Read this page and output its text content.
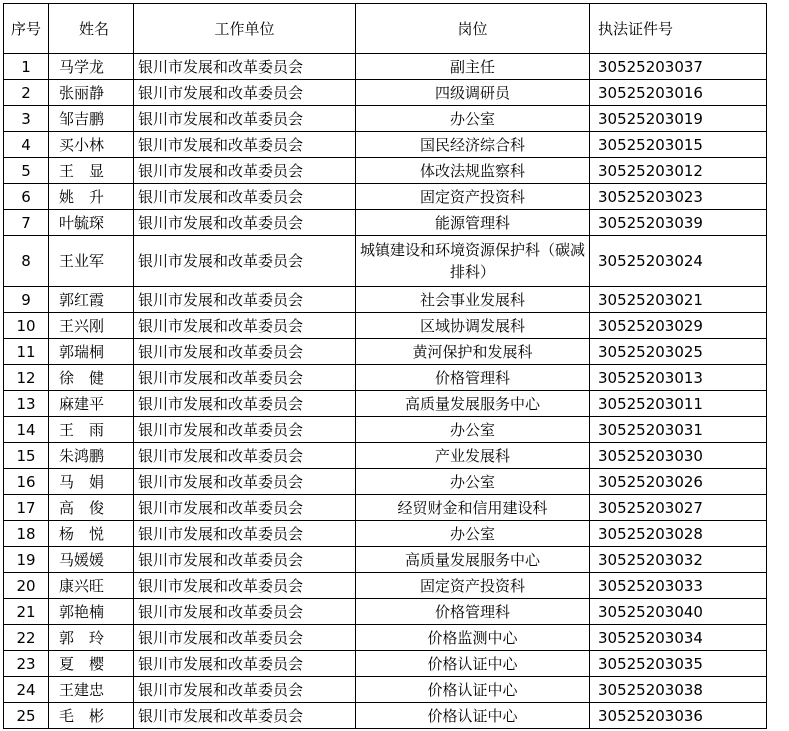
序号	姓名	工作单位	岗位	执法证件号
1	马学龙	银川市发展和改革委员会	副主任	30525203037
2	张丽静	银川市发展和改革委员会	四级调研员	30525203016
3	邹吉鹏	银川市发展和改革委员会	办公室	30525203019
4	买小林	银川市发展和改革委员会	国民经济综合科	30525203015
5	王　显	银川市发展和改革委员会	体改法规监察科	30525203012
6	姚　升	银川市发展和改革委员会	固定资产投资科	30525203023
7	叶毓琛	银川市发展和改革委员会	能源管理科	30525203039
8	王业军	银川市发展和改革委员会	城镇建设和环境资源保护科（碳减排科）	30525203024
9	郭红霞	银川市发展和改革委员会	社会事业发展科	30525203021
10	王兴刚	银川市发展和改革委员会	区域协调发展科	30525203029
11	郭瑞桐	银川市发展和改革委员会	黄河保护和发展科	30525203025
12	徐　健	银川市发展和改革委员会	价格管理科	30525203013
13	麻建平	银川市发展和改革委员会	高质量发展服务中心	30525203011
14	王　雨	银川市发展和改革委员会	办公室	30525203031
15	朱鸿鹏	银川市发展和改革委员会	产业发展科	30525203030
16	马　娟	银川市发展和改革委员会	办公室	30525203026
17	高　俊	银川市发展和改革委员会	经贸财金和信用建设科	30525203027
18	杨　悦	银川市发展和改革委员会	办公室	30525203028
19	马媛媛	银川市发展和改革委员会	高质量发展服务中心	30525203032
20	康兴旺	银川市发展和改革委员会	固定资产投资科	30525203033
21	郭艳楠	银川市发展和改革委员会	价格管理科	30525203040
22	郭　玲	银川市发展和改革委员会	价格监测中心	30525203034
23	夏　樱	银川市发展和改革委员会	价格认证中心	30525203035
24	王建忠	银川市发展和改革委员会	价格认证中心	30525203038
25	毛　彬	银川市发展和改革委员会	价格认证中心	30525203036
